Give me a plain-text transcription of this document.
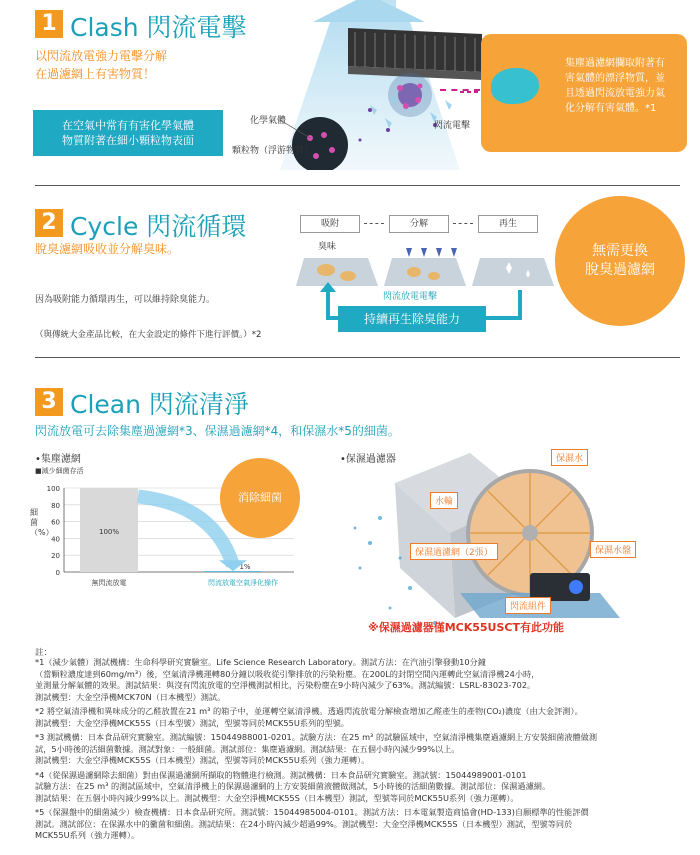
1 Clash 閃流電擊
以閃流放電強力電擊分解
在過濾網上有害物質！
在空氣中常有有害化學氣體
物質附著在細小顆粒物表面
化學氣體
顆粒物（浮游物質）
閃流電擊
集塵過濾網攔取附著有
害氣體的漂浮物質，並
且透過閃流放電強力氣
化分解有害氣體。*1
2 Cycle 閃流循環
脫臭濾網吸收並分解臭味。
因為吸附能力循環再生，可以維持除臭能力。
（與傳統大金產品比較，在大金設定的條件下進行評價。）*2
吸附	分解	再生
臭味
閃流放電電擊
持續再生除臭能力
無需更換
脫臭過濾網
3 Clean 閃流清淨
閃流放電可去除集塵過濾網*3、保濕過濾網*4，和保濕水*5的細菌。
•集塵濾網
■減少細菌存活
•保濕過濾器
細菌（%）
0
20
40
60
80
100
100%
無閃流放電
1%
閃流放電空氣淨化操作
消除細菌
保濕水
水輪
保濕過濾網（2張）	保濕水盤
閃流組件
※保濕過濾器僅MCK55USCT有此功能
註：
*1（減少氣體）測試機構：生命科學研究實驗室。Life Science Research Laboratory。測試方法：在汽油引擎發動10分鐘
（當顆粒濃度達到60mg/m³）後，空氣清淨機運轉80分鐘以吸收從引擎排放的污染粉塵。在200L的封閉空間內運轉此空氣清淨機24小時，
並測量分解氣體的效果。測試結果：與沒有閃流放電的空淨機測試相比，污染粉塵在9小時內減少了63%。測試編號：LSRL-83023-702。
測試機型：大金空淨機MCK70N（日本機型）測試。
*2 將空氣清淨機和異味成分的乙醛放置在21 m³ 的箱子中，並運轉空氣清淨機。透過閃流放電分解檢查增加乙醛產生的產物(CO₂)濃度（由大金評測）。
測試機型：大金空淨機MCK55S（日本型號）測試，型號等同於MCK55U系列的型號。
*3 測試機構：日本食品研究實驗室。測試編號：15044988001-0201。試驗方法：在25 m³ 的試驗區域中，空氣清淨機集塵過濾網上方安裝細菌液體做測
試，5小時後的活細菌數據。測試對象：一般細菌。測試部位：集塵過濾網。測試結果：在五個小時內減少99%以上。
測試機型：大金空淨機MCK55S（日本機型）測試，型號等同於MCK55U系列（強力運轉）。
*4（從保濕過濾網除去細菌）對由保濕過濾網所擷取的物體進行檢測。測試機構：日本食品研究實驗室。測試號：15044989001-0101
試驗方法：在25 m³ 的測試區域中，空氣清淨機上的保濕過濾網的上方安裝細菌液體做測試，5小時後的活細菌數據。測試部位：保濕過濾網。
測試結果：在五個小時內減少99%以上。測試機型：大金空淨機MCK55S（日本機型）測試，型號等同於MCK55U系列（強力運轉）。
*5（保濕盤中的細菌減少）檢查機構：日本食品研究所。測試號：15044985004-0101。測試方法：日本電氣製造商協會(HD-133)自願標準的性能評價
測試。測試部位：在保濕水中的黴菌和細菌。測試結果：在24小時內減少超過99%。測試機型：大金空淨機MCK55S（日本機型）測試，型號等同於
MCK55U系列（強力運轉）。
